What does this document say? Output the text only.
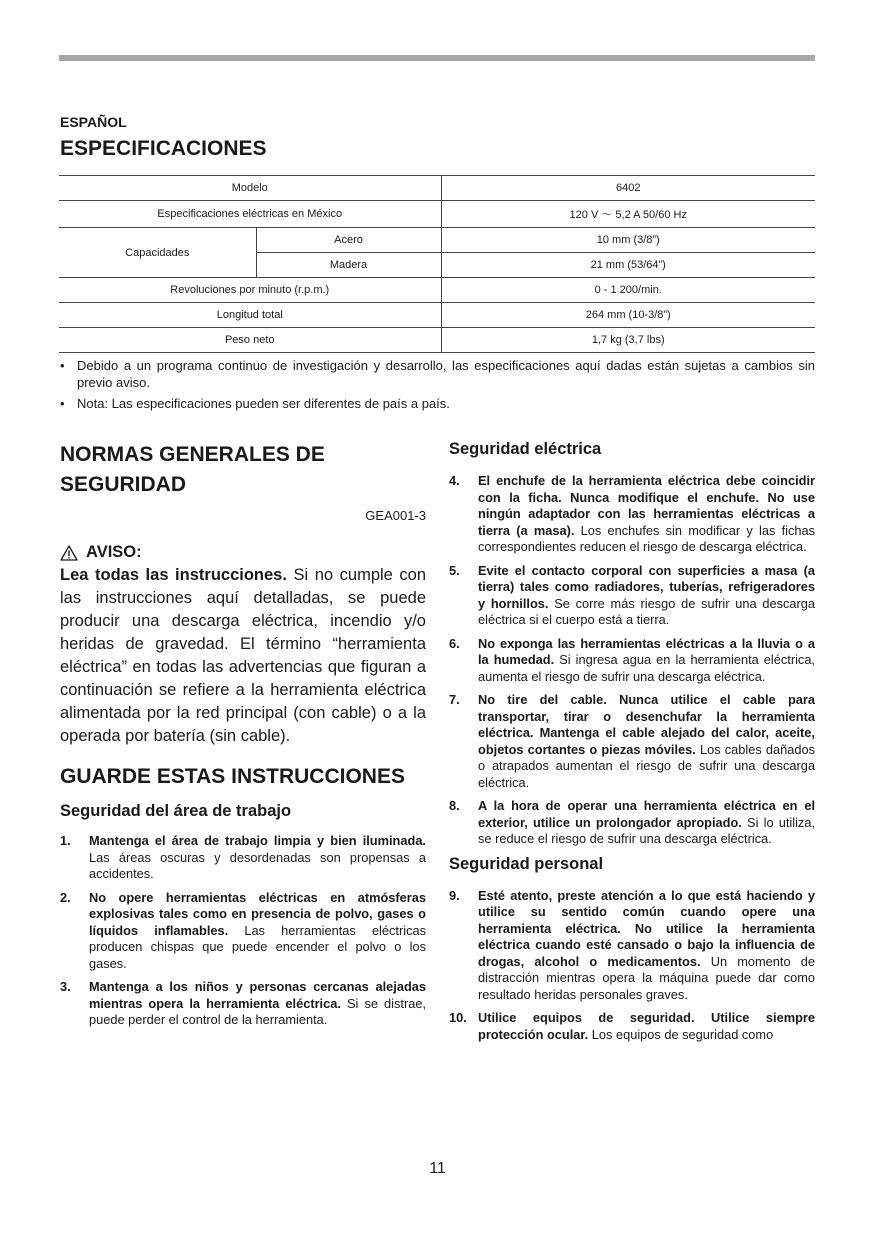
ESPAÑOL
ESPECIFICACIONES
Modelo		6402
Especificaciones eléctricas en México		120 V ～ 5,2 A 50/60 Hz
Capacidades	Acero	10 mm (3/8”)
	Madera	21 mm (53/64”)
Revoluciones por minuto (r.p.m.)		0 - 1 200/min.
Longitud total		264 mm (10-3/8”)
Peso neto		1,7 kg (3,7 lbs)
• Debido a un programa continuo de investigación y desarrollo, las especificaciones aquí dadas están sujetas a cambios sin previo aviso.
• Nota: Las especificaciones pueden ser diferentes de país a país.
NORMAS GENERALES DE SEGURIDAD
GEA001-3
AVISO:

Lea todas las instrucciones. Si no cumple con las instrucciones aquí detalladas, se puede producir una descarga eléctrica, incendio y/o heridas de gravedad. El término “herramienta eléctrica” en todas las advertencias que figuran a continuación se refiere a la herramienta eléctrica alimentada por la red principal (con cable) o a la operada por batería (sin cable).

GUARDE ESTAS INSTRUCCIONES
Seguridad del área de trabajo
1. Mantenga el área de trabajo limpia y bien iluminada. Las áreas oscuras y desordenadas son propensas a accidentes.
2. No opere herramientas eléctricas en atmósferas explosivas tales como en presencia de polvo, gases o líquidos inflamables. Las herramientas eléctricas producen chispas que puede encender el polvo o los gases.
3. Mantenga a los niños y personas cercanas alejadas mientras opera la herramienta eléctrica. Si se distrae, puede perder el control de la herramienta.
Seguridad eléctrica
4. El enchufe de la herramienta eléctrica debe coincidir con la ficha. Nunca modifique el enchufe. No use ningún adaptador con las herramientas eléctricas a tierra (a masa). Los enchufes sin modificar y las fichas correspondientes reducen el riesgo de descarga eléctrica.
5. Evite el contacto corporal con superficies a masa (a tierra) tales como radiadores, tuberías, refrigeradores y hornillos. Se corre más riesgo de sufrir una descarga eléctrica si el cuerpo está a tierra.
6. No exponga las herramientas eléctricas a la lluvia o a la humedad. Si ingresa agua en la herramienta eléctrica, aumenta el riesgo de sufrir una descarga eléctrica.
7. No tire del cable. Nunca utilice el cable para transportar, tirar o desenchufar la herramienta eléctrica. Mantenga el cable alejado del calor, aceite, objetos cortantes o piezas móviles. Los cables dañados o atrapados aumentan el riesgo de sufrir una descarga eléctrica.
8. A la hora de operar una herramienta eléctrica en el exterior, utilice un prolongador apropiado. Si lo utiliza, se reduce el riesgo de sufrir una descarga eléctrica.
Seguridad personal
9. Esté atento, preste atención a lo que está haciendo y utilice su sentido común cuando opere una herramienta eléctrica. No utilice la herramienta eléctrica cuando esté cansado o bajo la influencia de drogas, alcohol o medicamentos. Un momento de distracción mientras opera la máquina puede dar como resultado heridas personales graves.
10. Utilice equipos de seguridad. Utilice siempre protección ocular. Los equipos de seguridad como
11
